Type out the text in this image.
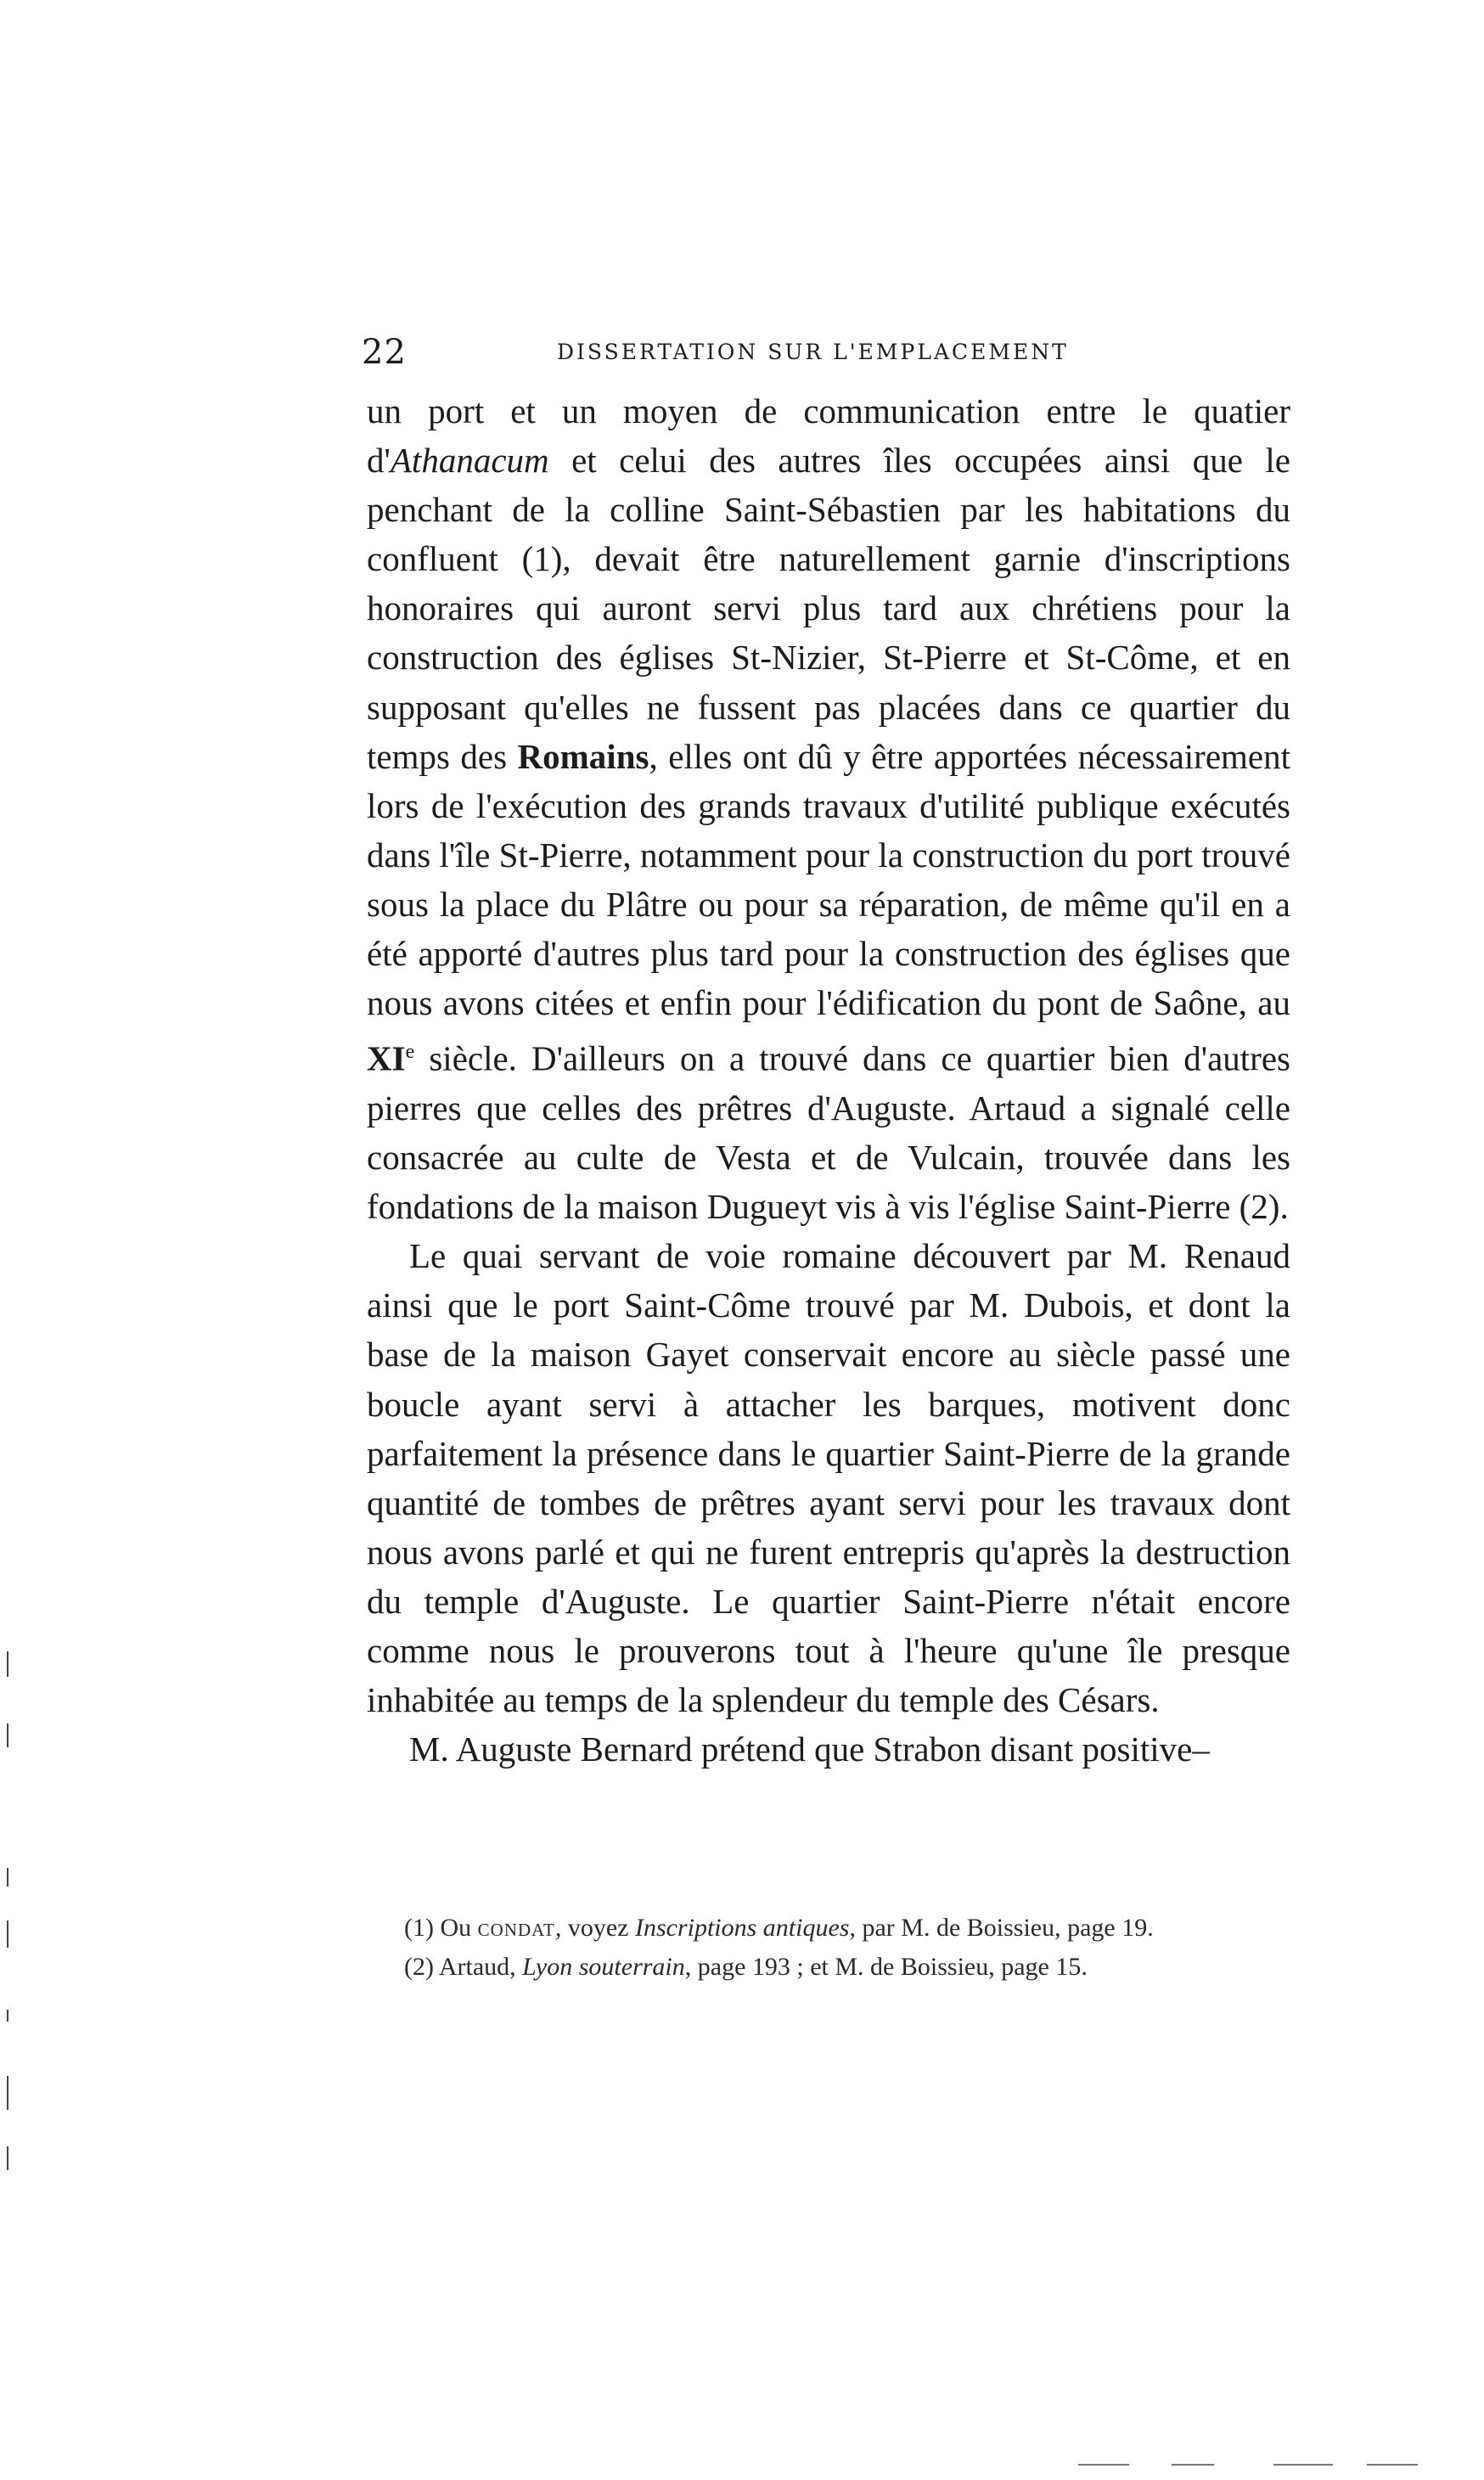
22	DISSERTATION SUR L'EMPLACEMENT

un port et un moyen de communication entre le quatier d'Athanacum et celui des autres îles occupées ainsi que le penchant de la colline Saint-Sébastien par les habitations du confluent (1), devait être naturellement garnie d'inscriptions honoraires qui auront servi plus tard aux chrétiens pour la construction des églises St-Nizier, St-Pierre et St-Côme, et en supposant qu'elles ne fussent pas placées dans ce quartier du temps des Romains, elles ont dû y être apportées nécessairement lors de l'exécution des grands travaux d'utilité publique exécutés dans l'île St-Pierre, notamment pour la construction du port trouvé sous la place du Plâtre ou pour sa réparation, de même qu'il en a été apporté d'autres plus tard pour la construction des églises que nous avons citées et enfin pour l'édification du pont de Saône, au XIe siècle. D'ailleurs on a trouvé dans ce quartier bien d'autres pierres que celles des prêtres d'Auguste. Artaud a signalé celle consacrée au culte de Vesta et de Vulcain, trouvée dans les fondations de la maison Dugueyt vis à vis l'église Saint-Pierre (2).

Le quai servant de voie romaine découvert par M. Renaud ainsi que le port Saint-Côme trouvé par M. Dubois, et dont la base de la maison Gayet conservait encore au siècle passé une boucle ayant servi à attacher les barques, motivent donc parfaitement la présence dans le quartier Saint-Pierre de la grande quantité de tombes de prêtres ayant servi pour les travaux dont nous avons parlé et qui ne furent entrepris qu'après la destruction du temple d'Auguste. Le quartier Saint-Pierre n'était encore comme nous le prouverons tout à l'heure qu'une île presque inhabitée au temps de la splendeur du temple des Césars.

M. Auguste Bernard prétend que Strabon disant positive–

(1) Ou condat, voyez Inscriptions antiques, par M. de Boissieu, page 19.

(2) Artaud, Lyon souterrain, page 193 ; et M. de Boissieu, page 15.
